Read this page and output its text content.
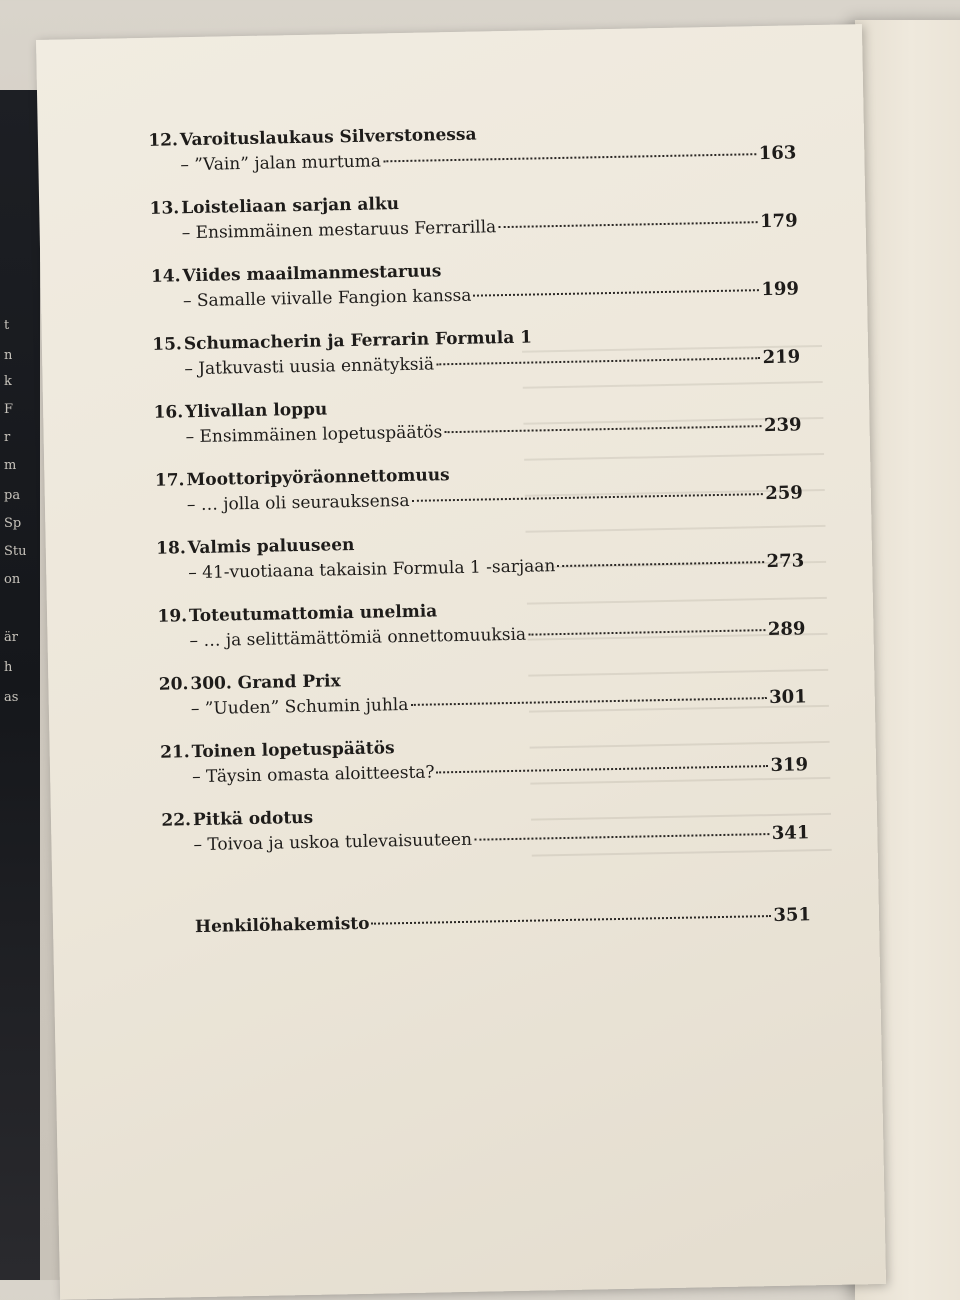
t
n
k
F
r
m
pa
Sp
Stu
on
är
h
as
12. Varoituslaukaus Silverstonessa
– ”Vain” jalan murtuma	163
13. Loisteliaan sarjan alku
– Ensimmäinen mestaruus Ferrarilla	179
14. Viides maailmanmestaruus
– Samalle viivalle Fangion kanssa	199
15. Schumacherin ja Ferrarin Formula 1
– Jatkuvasti uusia ennätyksiä	219
16. Ylivallan loppu
– Ensimmäinen lopetuspäätös	239
17. Moottoripyöräonnettomuus
– … jolla oli seurauksensa	259
18. Valmis paluuseen
– 41-vuotiaana takaisin Formula 1 -sarjaan	273
19. Toteutumattomia unelmia
– … ja selittämättömiä onnettomuuksia	289
20. 300. Grand Prix
– ”Uuden” Schumin juhla	301
21. Toinen lopetuspäätös
– Täysin omasta aloitteesta?	319
22. Pitkä odotus
– Toivoa ja uskoa tulevaisuuteen	341
Henkilöhakemisto	351
